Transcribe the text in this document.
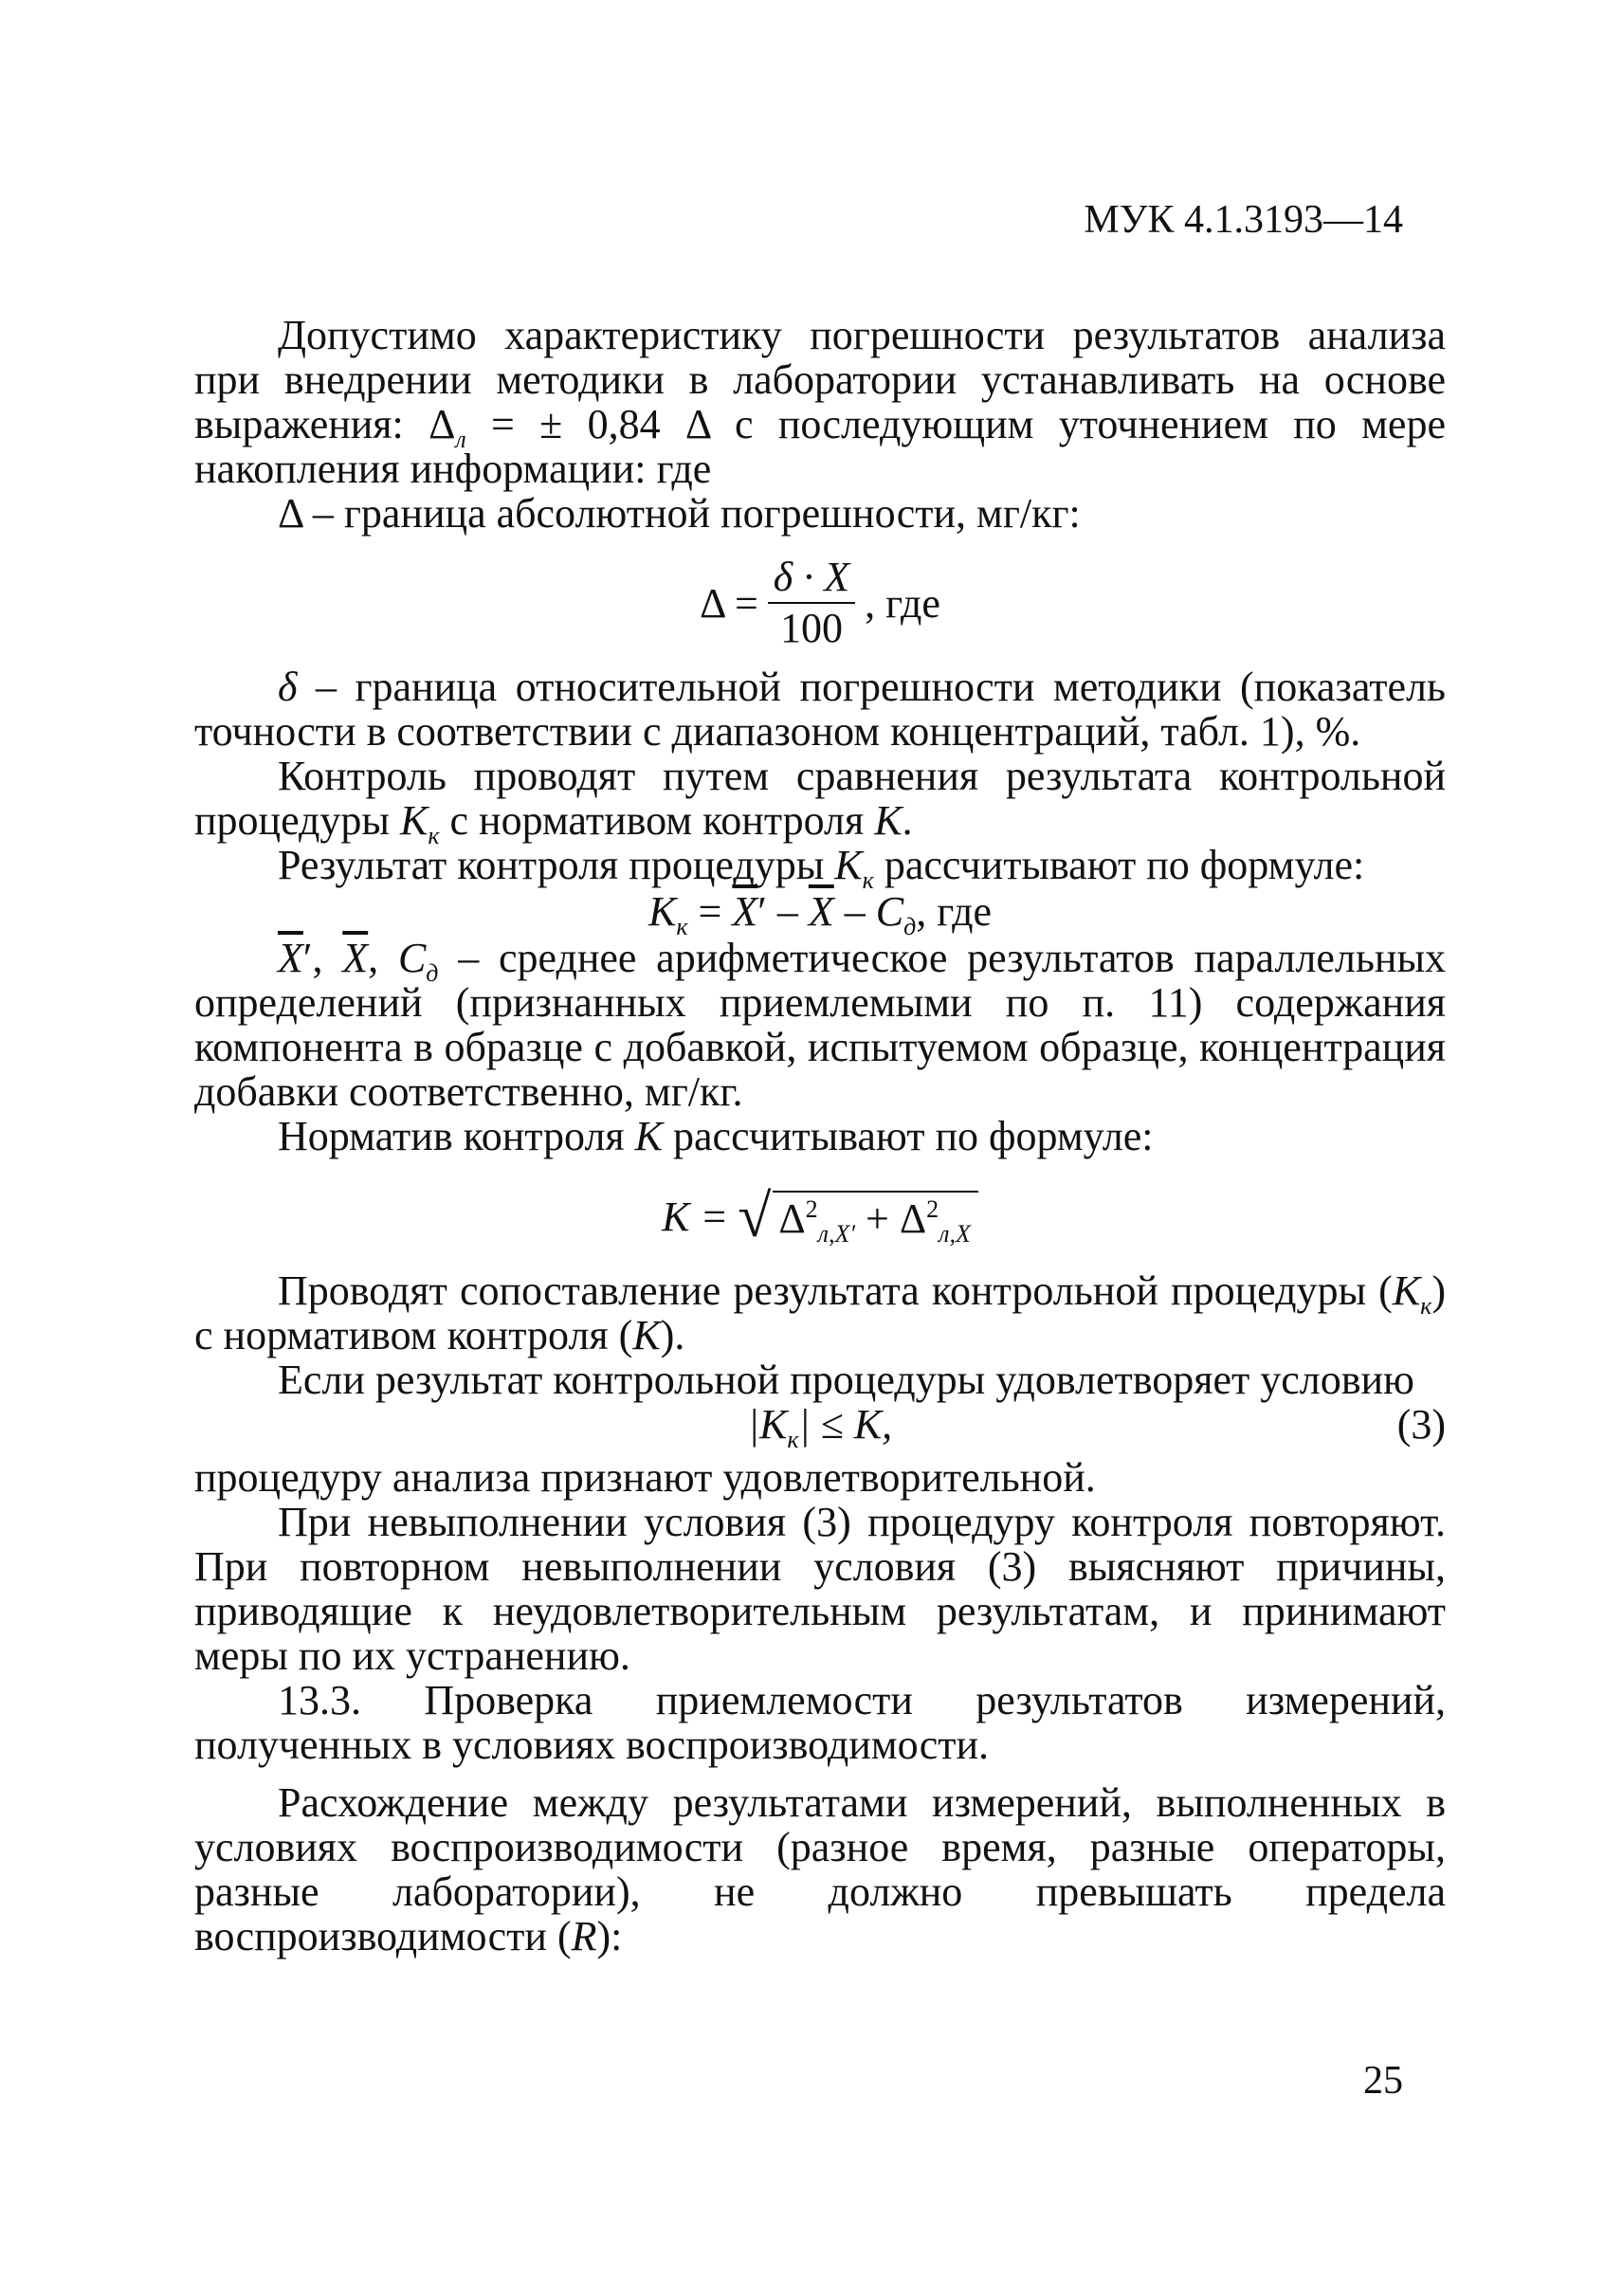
МУК 4.1.3193—14

Допустимо характеристику погрешности результатов анализа при внедрении методики в лаборатории устанавливать на основе выражения: $\Delta_л$ = ± 0,84 Δ с последующим уточнением по мере накопления информации: где

Δ – граница абсолютной погрешности, мг/кг:

$\Delta = \frac{\delta \cdot X}{100}$ , где

δ – граница относительной погрешности методики (показатель точности в соответствии с диапазоном концентраций, табл. 1), %.

Контроль проводят путем сравнения результата контрольной процедуры $K_к$ с нормативом контроля K.

Результат контроля процедуры $K_к$ рассчитывают по формуле:

$K_к = \overline{X}' - \overline{X} - C_д$, где

$\overline{X}'$, $\overline{X}$, $C_д$ – среднее арифметическое результатов параллельных определений (признанных приемлемыми по п. 11) содержания компонента в образце с добавкой, испытуемом образце, концентрация добавки соответственно, мг/кг.

Норматив контроля K рассчитывают по формуле:

K = √ $\Delta^2_{л,X'} + \Delta^2_{л,X}$

Проводят сопоставление результата контрольной процедуры $(K_к)$ с нормативом контроля (K).

Если результат контрольной процедуры удовлетворяет условию

$|K_к| \le K$,	(3)

процедуру анализа признают удовлетворительной.

При невыполнении условия (3) процедуру контроля повторяют. При повторном невыполнении условия (3) выясняют причины, приводящие к неудовлетворительным результатам, и принимают меры по их устранению.

13.3. Проверка приемлемости результатов измерений, полученных в условиях воспроизводимости.

Расхождение между результатами измерений, выполненных в условиях воспроизводимости (разное время, разные операторы, разные лаборатории), не должно превышать предела воспроизводимости (R):

25
